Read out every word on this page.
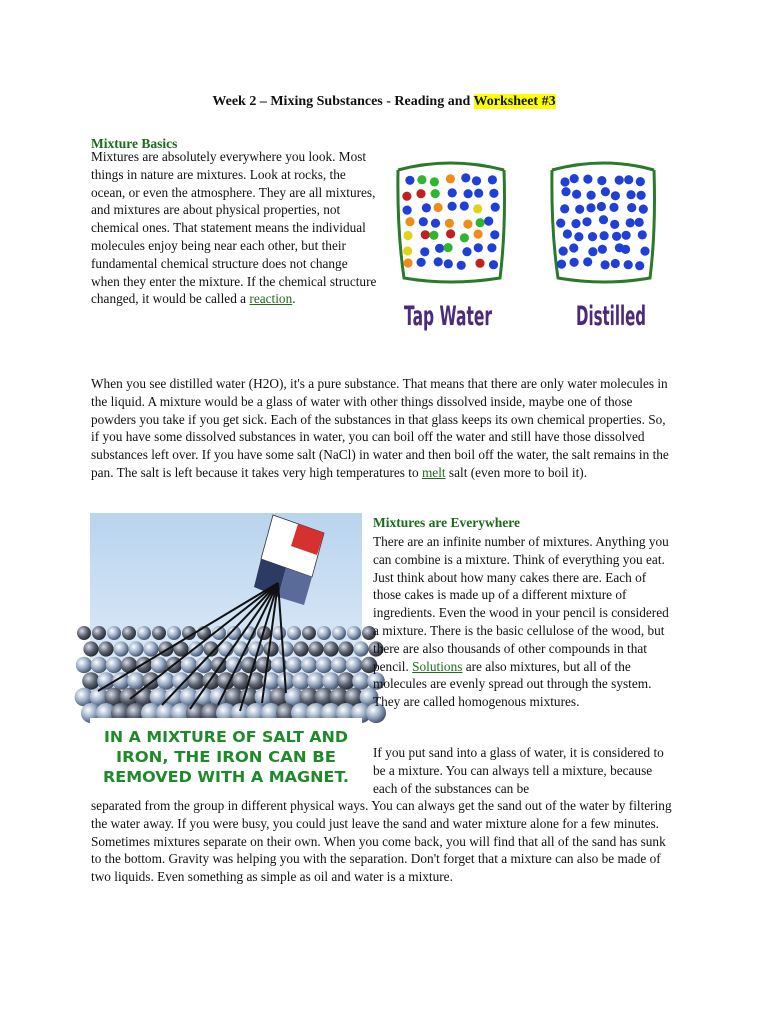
Week 2 – Mixing Substances - Reading and Worksheet #3
Mixture Basics
Mixtures are absolutely everywhere you look. Most things in nature are mixtures. Look at rocks, the ocean, or even the atmosphere. They are all mixtures, and mixtures are about physical properties, not chemical ones. That statement means the individual molecules enjoy being near each other, but their fundamental chemical structure does not change when they enter the mixture. If the chemical structure changed, it would be called a reaction.
Tap Water	Distilled
When you see distilled water (H2O), it's a pure substance. That means that there are only water molecules in the liquid. A mixture would be a glass of water with other things dissolved inside, maybe one of those powders you take if you get sick. Each of the substances in that glass keeps its own chemical properties. So, if you have some dissolved substances in water, you can boil off the water and still have those dissolved substances left over. If you have some salt (NaCl) in water and then boil off the water, the salt remains in the pan. The salt is left because it takes very high temperatures to melt salt (even more to boil it).
IN A MIXTURE OF SALT AND
IRON, THE IRON CAN BE
REMOVED WITH A MAGNET.
Mixtures are Everywhere
There are an infinite number of mixtures. Anything you can combine is a mixture. Think of everything you eat. Just think about how many cakes there are. Each of those cakes is made up of a different mixture of ingredients. Even the wood in your pencil is considered a mixture. There is the basic cellulose of the wood, but there are also thousands of other compounds in that pencil. Solutions are also mixtures, but all of the molecules are evenly spread out through the system. They are called homogenous mixtures.
If you put sand into a glass of water, it is considered to be a mixture. You can always tell a mixture, because each of the substances can be
separated from the group in different physical ways. You can always get the sand out of the water by filtering the water away. If you were busy, you could just leave the sand and water mixture alone for a few minutes. Sometimes mixtures separate on their own. When you come back, you will find that all of the sand has sunk to the bottom. Gravity was helping you with the separation. Don't forget that a mixture can also be made of two liquids. Even something as simple as oil and water is a mixture.
